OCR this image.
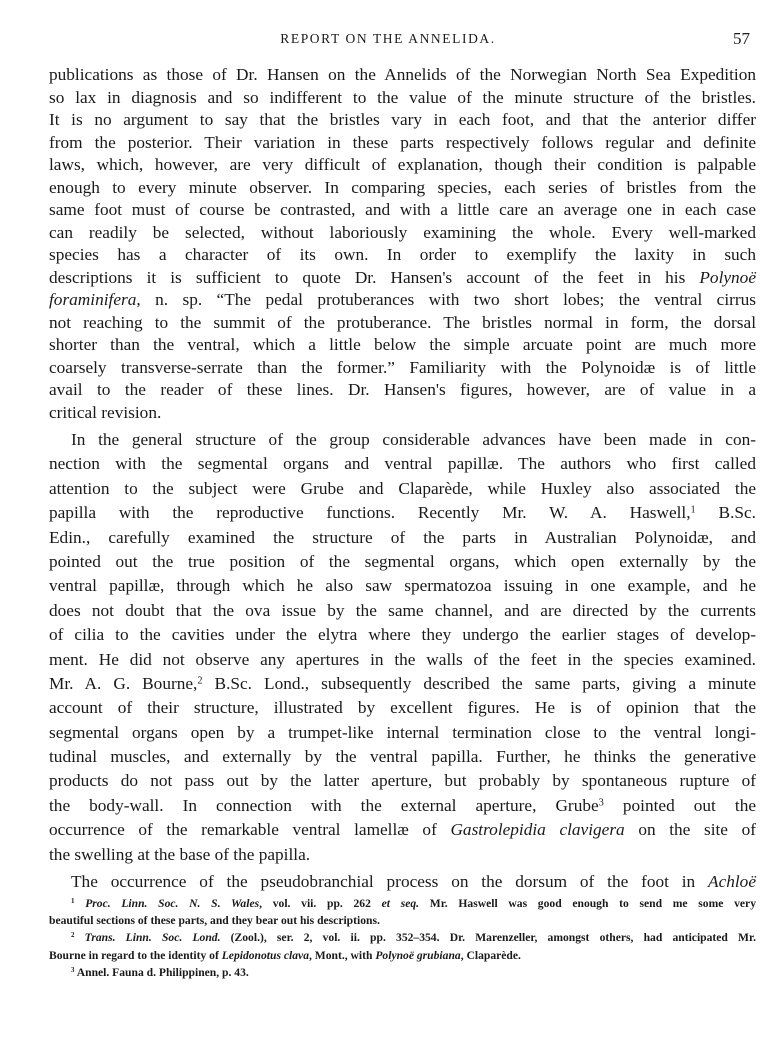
REPORT ON THE ANNELIDA.	57
publications as those of Dr. Hansen on the Annelids of the Norwegian North Sea Expedition
so lax in diagnosis and so indifferent to the value of the minute structure of the bristles.
It is no argument to say that the bristles vary in each foot, and that the anterior differ
from the posterior. Their variation in these parts respectively follows regular and definite
laws, which, however, are very difficult of explanation, though their condition is palpable
enough to every minute observer. In comparing species, each series of bristles from the
same foot must of course be contrasted, and with a little care an average one in each case
can readily be selected, without laboriously examining the whole. Every well-marked
species has a character of its own. In order to exemplify the laxity in such
descriptions it is sufficient to quote Dr. Hansen's account of the feet in his Polynoë
foraminifera, n. sp. “The pedal protuberances with two short lobes; the ventral cirrus
not reaching to the summit of the protuberance. The bristles normal in form, the dorsal
shorter than the ventral, which a little below the simple arcuate point are much more
coarsely transverse-serrate than the former.” Familiarity with the Polynoidæ is of little
avail to the reader of these lines. Dr. Hansen's figures, however, are of value in a
critical revision.
In the general structure of the group considerable advances have been made in con-
nection with the segmental organs and ventral papillæ. The authors who first called
attention to the subject were Grube and Claparède, while Huxley also associated the
papilla with the reproductive functions. Recently Mr. W. A. Haswell,$^1$ B.Sc.
Edin., carefully examined the structure of the parts in Australian Polynoidæ, and
pointed out the true position of the segmental organs, which open externally by the
ventral papillæ, through which he also saw spermatozoa issuing in one example, and he
does not doubt that the ova issue by the same channel, and are directed by the currents
of cilia to the cavities under the elytra where they undergo the earlier stages of develop-
ment. He did not observe any apertures in the walls of the feet in the species examined.
Mr. A. G. Bourne,$^2$ B.Sc. Lond., subsequently described the same parts, giving a minute
account of their structure, illustrated by excellent figures. He is of opinion that the
segmental organs open by a trumpet-like internal termination close to the ventral longi-
tudinal muscles, and externally by the ventral papilla. Further, he thinks the generative
products do not pass out by the latter aperture, but probably by spontaneous rupture of
the body-wall. In connection with the external aperture, Grube$^3$ pointed out the
occurrence of the remarkable ventral lamellæ of Gastrolepidia clavigera on the site of
the swelling at the base of the papilla.
The occurrence of the pseudobranchial process on the dorsum of the foot in Achloë
$^1$ Proc. Linn. Soc. N. S. Wales, vol. vii. pp. 262 et seq. Mr. Haswell was good enough to send me some very
beautiful sections of these parts, and they bear out his descriptions.
$^2$ Trans. Linn. Soc. Lond. (Zool.), ser. 2, vol. ii. pp. 352–354. Dr. Marenzeller, amongst others, had anticipated Mr.
Bourne in regard to the identity of Lepidonotus clava, Mont., with Polynoë grubiana, Claparède.
$^3$ Annel. Fauna d. Philippinen, p. 43.
